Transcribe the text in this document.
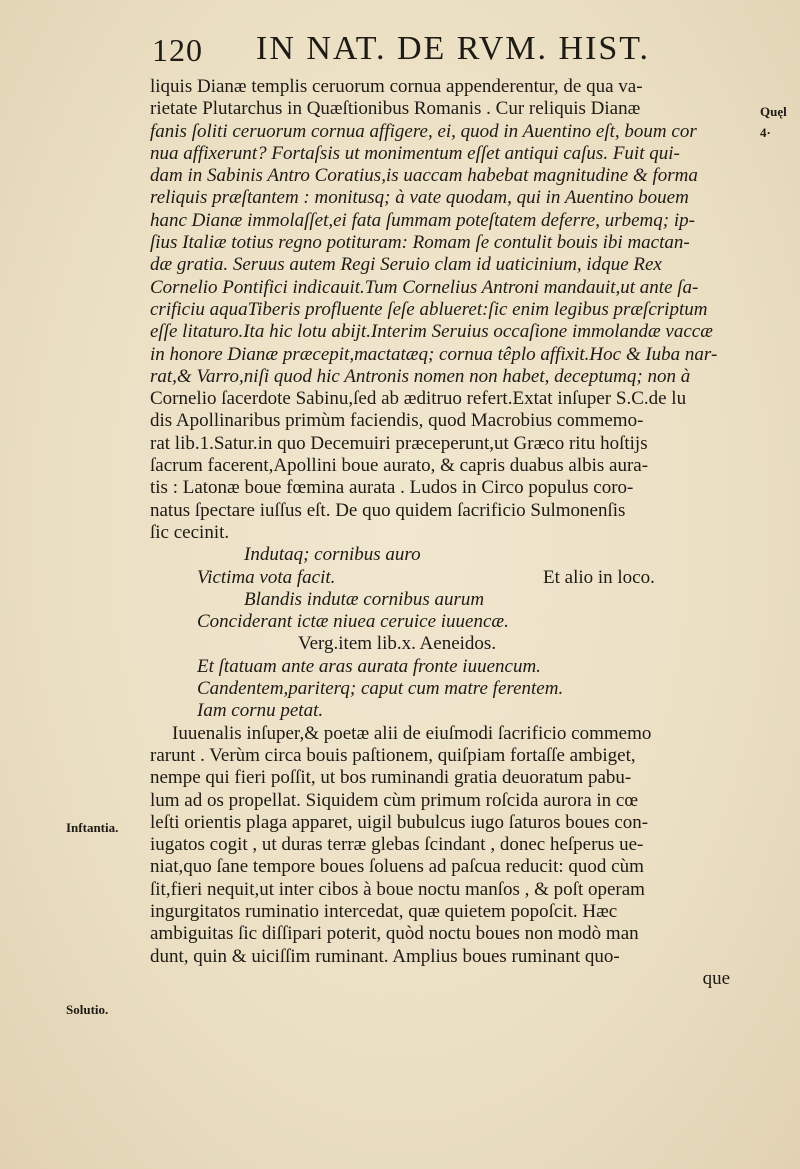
120 IN NAT. DE RVM. HIST.
Quęl
4·
Inftantia.
Solutio.
liquis Dianæ templis ceruorum cornua appenderentur, de qua va-
rietate Plutarchus in Quæſtionibus Romanis . Cur reliquis Dianæ
fanis ſoliti ceruorum cornua affigere, ei, quod in Auentino eſt, boum cor
nua affixerunt? Fortaſsis ut monimentum eſſet antiqui caſus. Fuit qui-
dam in Sabinis Antro Coratius,is uaccam habebat magnitudine & forma
reliquis præſtantem : monitusq; à vate quodam, qui in Auentino bouem
hanc Dianæ immolaſſet,ei fata ſummam poteſtatem deferre, urbemq; ip-
ſius Italiæ totius regno potituram: Romam ſe contulit bouis ibi mactan-
dæ gratia. Seruus autem Regi Seruio clam id uaticinium, idque Rex
Cornelio Pontifici indicauit.Tum Cornelius Antroni mandauit,ut ante ſa-
crificiu aquaTiberis profluente ſeſe ablueret:ſic enim legibus præſcriptum
eſſe litaturo.Ita hic lotu abijt.Interim Seruius occaſione immolandæ vaccæ
in honore Dianæ præcepit,mactatæq; cornua têplo affixit.Hoc & Iuba nar-
rat,& Varro,niſi quod hic Antronis nomen non habet, deceptumq; non à
Cornelio ſacerdote Sabinu,ſed ab æditruo refert.Extat inſuper S.C.de lu
dis Apollinaribus primùm faciendis, quod Macrobius commemo-
rat lib.1.Satur.in quo Decemuiri præceperunt,ut Græco ritu hoſtijs
ſacrum facerent,Apollini boue aurato, & capris duabus albis aura-
tis : Latonæ boue fœmina aurata . Ludos in Circo populus coro-
natus ſpectare iuſſus eſt. De quo quidem ſacrificio Sulmonenſis
ſic cecinit.
Indutaq; cornibus auro
Victima vota facit.	Et alio in loco.
Blandis indutæ cornibus aurum
Conciderant ictæ niuea ceruice iuuencæ.
Verg.item lib.x. Aeneidos.
Et ſtatuam ante aras aurata fronte iuuencum.
Candentem,pariterq; caput cum matre ferentem.
Iam cornu petat.
Iuuenalis inſuper,& poetæ alii de eiuſmodi ſacrificio commemo
rarunt . Verùm circa bouis paſtionem, quiſpiam fortaſſe ambiget,
nempe qui fieri poſſit, ut bos ruminandi gratia deuoratum pabu-
lum ad os propellat. Siquidem cùm primum roſcida aurora in cœ
leſti orientis plaga apparet, uigil bubulcus iugo ſaturos boues con-
iugatos cogit , ut duras terræ glebas ſcindant , donec heſperus ue-
niat,quo ſane tempore boues ſoluens ad paſcua reducit: quod cùm
ſit,fieri nequit,ut inter cibos à boue noctu manſos , & poſt operam
ingurgitatos ruminatio intercedat, quæ quietem popoſcit. Hæc
ambiguitas ſic diſſipari poterit, quòd noctu boues non modò man
dunt, quin & uiciſſim ruminant. Amplius boues ruminant quo-
que
